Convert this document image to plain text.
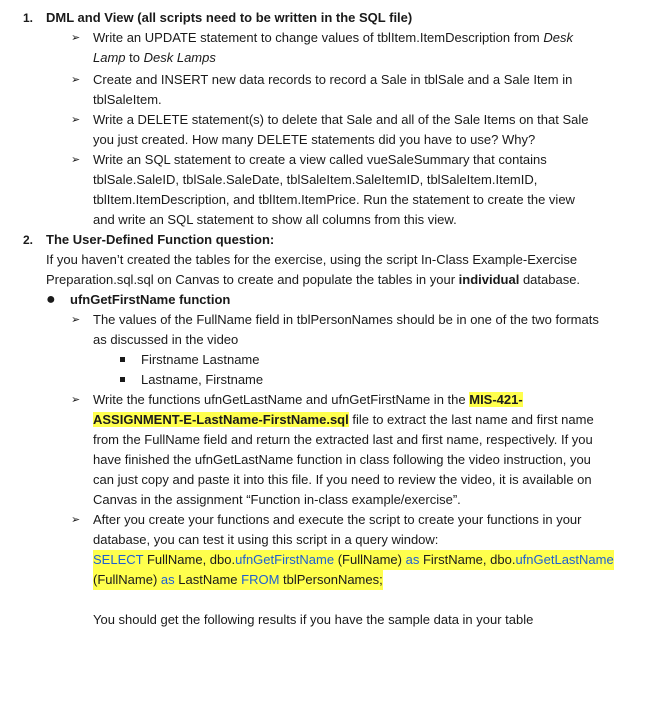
1. DML and View (all scripts need to be written in the SQL file)
➢ Write an UPDATE statement to change values of tblItem.ItemDescription from Desk
Lamp to Desk Lamps
➢ Create and INSERT new data records to record a Sale in tblSale and a Sale Item in
tblSaleItem.
➢ Write a DELETE statement(s) to delete that Sale and all of the Sale Items on that Sale
you just created. How many DELETE statements did you have to use? Why?
➢ Write an SQL statement to create a view called vueSaleSummary that contains
tblSale.SaleID, tblSale.SaleDate, tblSaleItem.SaleItemID, tblSaleItem.ItemID,
tblItem.ItemDescription, and tblItem.ItemPrice. Run the statement to create the view
and write an SQL statement to show all columns from this view.
2. The User-Defined Function question:
If you haven’t created the tables for the exercise, using the script In-Class Example-Exercise
Preparation.sql.sql on Canvas to create and populate the tables in your individual database.
● ufnGetFirstName function
➢ The values of the FullName field in tblPersonNames should be in one of the two formats
as discussed in the video
Firstname Lastname
Lastname, Firstname
➢ Write the functions ufnGetLastName and ufnGetFirstName in the MIS-421-
ASSIGNMENT-E-LastName-FirstName.sql file to extract the last name and first name
from the FullName field and return the extracted last and first name, respectively. If you
have finished the ufnGetLastName function in class following the video instruction, you
can just copy and paste it into this file. If you need to review the video, it is available on
Canvas in the assignment “Function in-class example/exercise”.
➢ After you create your functions and execute the script to create your functions in your
database, you can test it using this script in a query window:
SELECT FullName, dbo.ufnGetFirstName (FullName) as FirstName, dbo.ufnGetLastName
(FullName) as LastName FROM tblPersonNames;
You should get the following results if you have the sample data in your table
